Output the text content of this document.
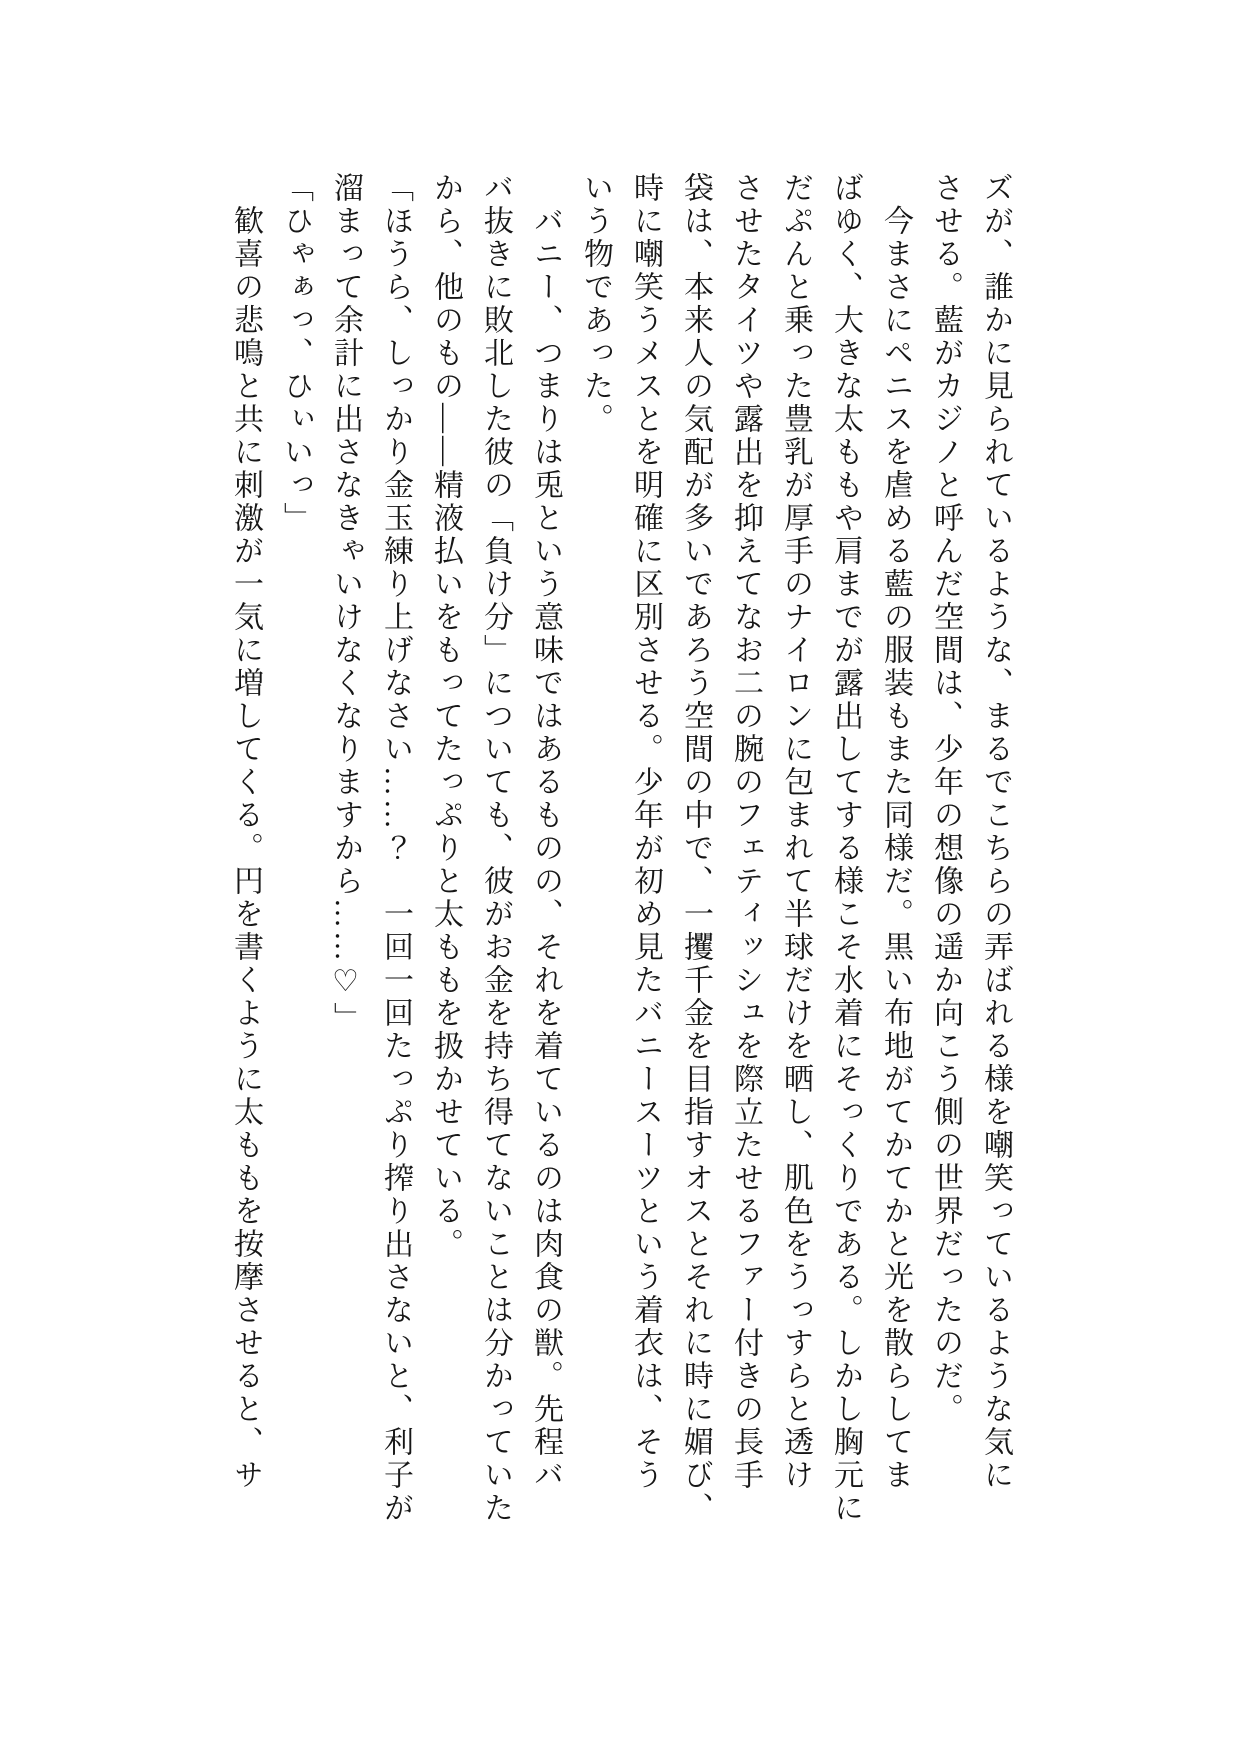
ズが、誰かに見られているような、まるでこちらの弄ばれる様を嘲笑っているような気に
させる。藍がカジノと呼んだ空間は、少年の想像の遥か向こう側の世界だったのだ。
　今まさにペニスを虐める藍の服装もまた同様だ。黒い布地がてかてかと光を散らしてま
ばゆく、大きな太ももや肩までが露出してする様こそ水着にそっくりである。しかし胸元に
だぷんと乗った豊乳が厚手のナイロンに包まれて半球だけを晒し、肌色をうっすらと透け
させたタイツや露出を抑えてなお二の腕のフェティッシュを際立たせるファー付きの長手
袋は、本来人の気配が多いであろう空間の中で、一攫千金を目指すオスとそれに時に媚び、
時に嘲笑うメスとを明確に区別させる。少年が初め見たバニースーツという着衣は、そう
いう物であった。
　バニー、つまりは兎という意味ではあるものの、それを着ているのは肉食の獣。先程バ
バ抜きに敗北した彼の「負け分」についても、彼がお金を持ち得てないことは分かっていた
から、他のもの――精液払いをもってたっぷりと太ももを扱かせている。
「ほうら、しっかり金玉練り上げなさい……？　一回一回たっぷり搾り出さないと、利子が
溜まって余計に出さなきゃいけなくなりますから……♡」
「ひゃぁっ、ひぃいっ」
　歓喜の悲鳴と共に刺激が一気に増してくる。円を書くように太ももを按摩させると、サ
